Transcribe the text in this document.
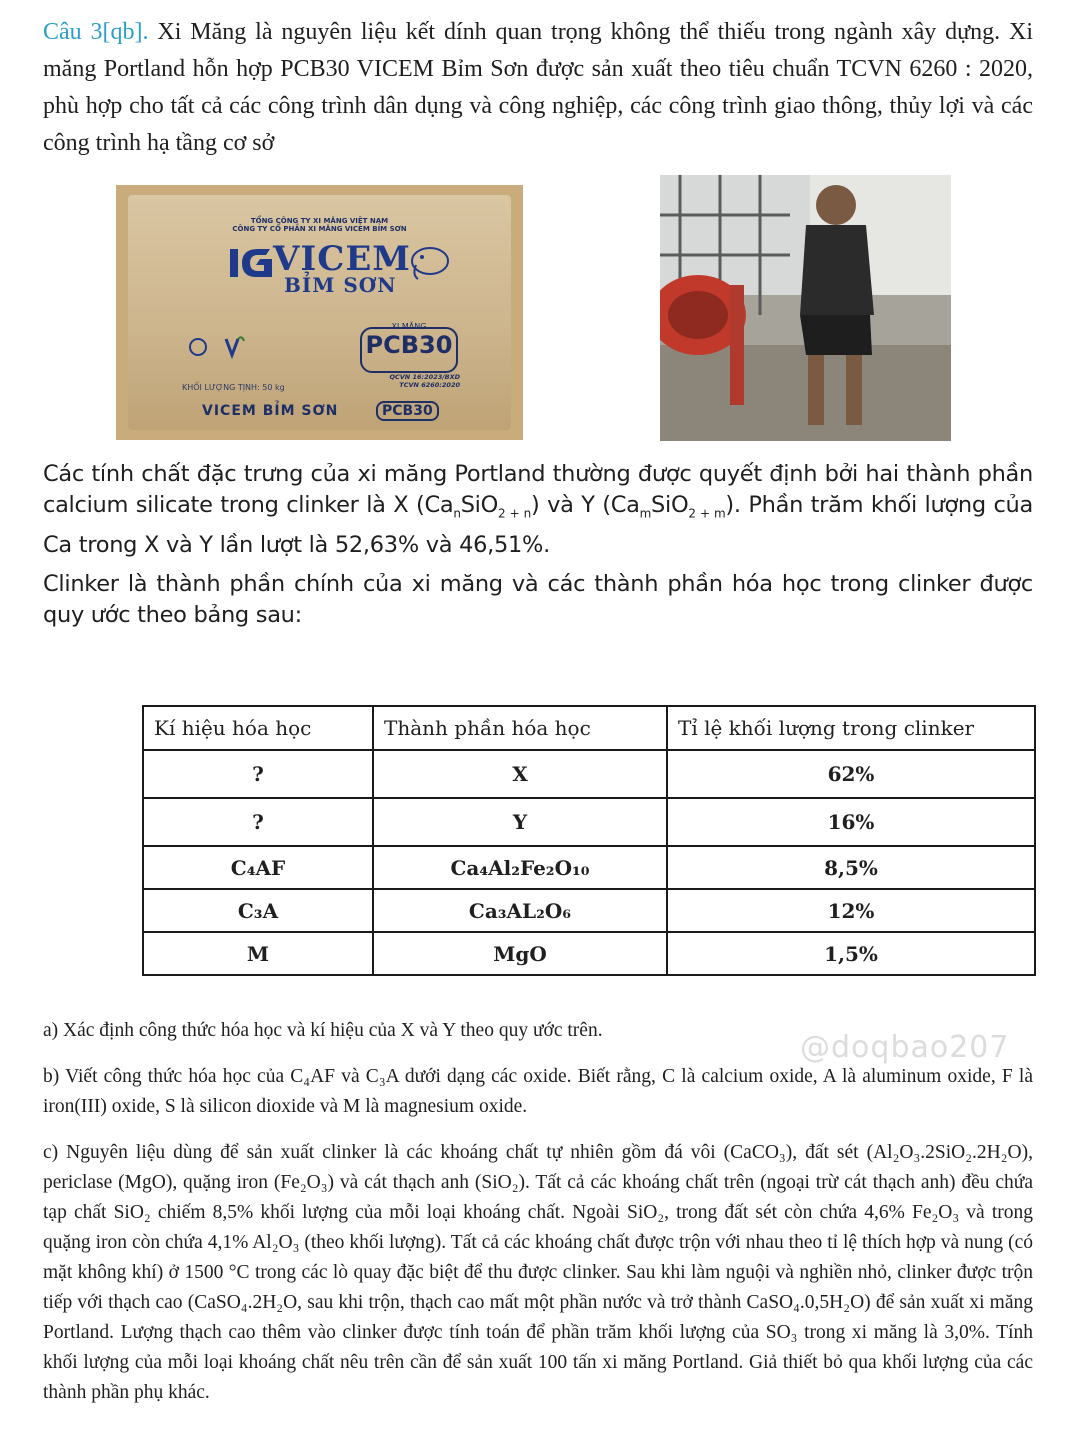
Câu 3[qb]. Xi Măng là nguyên liệu kết dính quan trọng không thể thiếu trong ngành xây dựng. Xi măng Portland hỗn hợp PCB30 VICEM Bỉm Sơn được sản xuất theo tiêu chuẩn TCVN 6260 : 2020, phù hợp cho tất cả các công trình dân dụng và công nghiệp, các công trình giao thông, thủy lợi và các công trình hạ tầng cơ sở
TỔNG CÔNG TY XI MĂNG VIỆT NAM
CÔNG TY CỔ PHẦN XI MĂNG VICEM BỈM SƠN
VICEM
BỈM SƠN
XI MĂNG
PCB30
QCVN 16:2023/BXD
TCVN 6260:2020
KHỐI LƯỢNG TỊNH: 50 kg
VICEM BỈM SƠN	PCB30
Các tính chất đặc trưng của xi măng Portland thường được quyết định bởi hai thành phần calcium silicate trong clinker là X $(Ca_nSiO_{2 + n})$ và Y $(Ca_mSiO_{2 + m})$. Phần trăm khối lượng của Ca trong X và Y lần lượt là 52,63% và 46,51%.
Clinker là thành phần chính của xi măng và các thành phần hóa học trong clinker được quy ước theo bảng sau:
Kí hiệu hóa học	Thành phần hóa học	Tỉ lệ khối lượng trong clinker
?	X	62%
?	Y	16%
C₄AF	Ca₄Al₂Fe₂O₁₀	8,5%
C₃A	Ca₃AL₂O₆	12%
M	MgO	1,5%
@doqbao207
a) Xác định công thức hóa học và kí hiệu của X và Y theo quy ước trên.
b) Viết công thức hóa học của C₄AF và C₃A dưới dạng các oxide. Biết rằng, C là calcium oxide, A là aluminum oxide, F là iron(III) oxide, S là silicon dioxide và M là magnesium oxide.
c) Nguyên liệu dùng để sản xuất clinker là các khoáng chất tự nhiên gồm đá vôi (CaCO₃), đất sét (Al₂O₃.2SiO₂.2H₂O), periclase (MgO), quặng iron (Fe₂O₃) và cát thạch anh (SiO₂). Tất cả các khoáng chất trên (ngoại trừ cát thạch anh) đều chứa tạp chất SiO₂ chiếm 8,5% khối lượng của mỗi loại khoáng chất. Ngoài SiO₂, trong đất sét còn chứa 4,6% Fe₂O₃ và trong quặng iron còn chứa 4,1% Al₂O₃ (theo khối lượng). Tất cả các khoáng chất được trộn với nhau theo tỉ lệ thích hợp và nung (có mặt không khí) ở 1500 °C trong các lò quay đặc biệt để thu được clinker. Sau khi làm nguội và nghiền nhỏ, clinker được trộn tiếp với thạch cao (CaSO₄.2H₂O, sau khi trộn, thạch cao mất một phần nước và trở thành CaSO₄.0,5H₂O) để sản xuất xi măng Portland. Lượng thạch cao thêm vào clinker được tính toán để phần trăm khối lượng của SO₃ trong xi măng là 3,0%. Tính khối lượng của mỗi loại khoáng chất nêu trên cần để sản xuất 100 tấn xi măng Portland. Giả thiết bỏ qua khối lượng của các thành phần phụ khác.
